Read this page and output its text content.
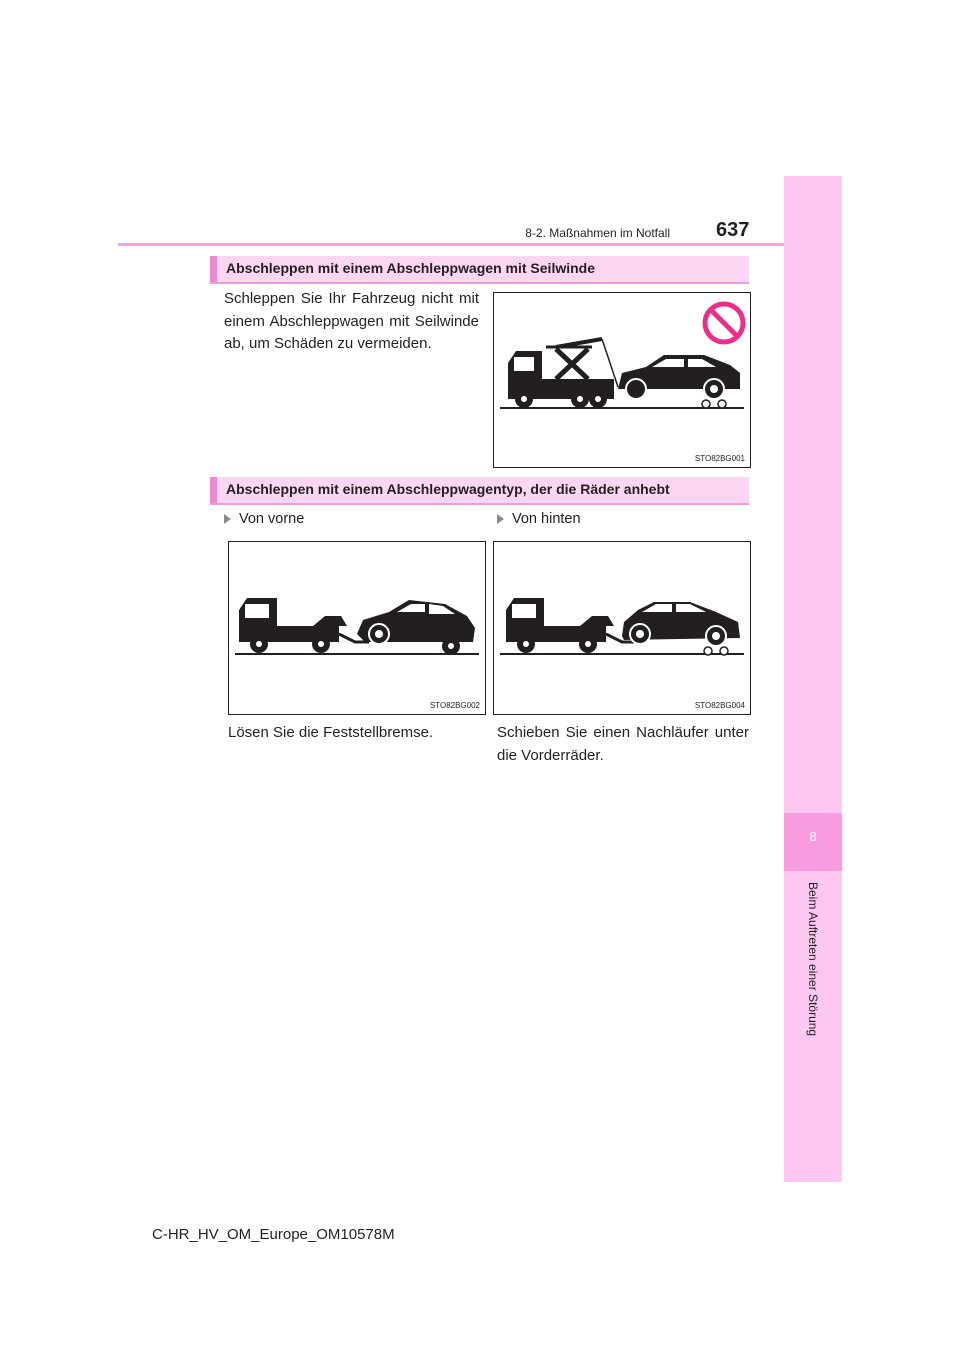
8
Beim Auftreten einer Störung
8-2. Maßnahmen im Notfall 637
Abschleppen mit einem Abschleppwagen mit Seilwinde
Schleppen Sie Ihr Fahrzeug nicht mit einem Abschleppwagen mit Seilwinde ab, um Schäden zu vermeiden.
STO82BG001
Abschleppen mit einem Abschleppwagentyp, der die Räder anhebt
Von vorne	Von hinten
STO82BG002	STO82BG004
Lösen Sie die Feststellbremse.	Schieben Sie einen Nachläufer unter die Vorderräder.
C-HR_HV_OM_Europe_OM10578M
